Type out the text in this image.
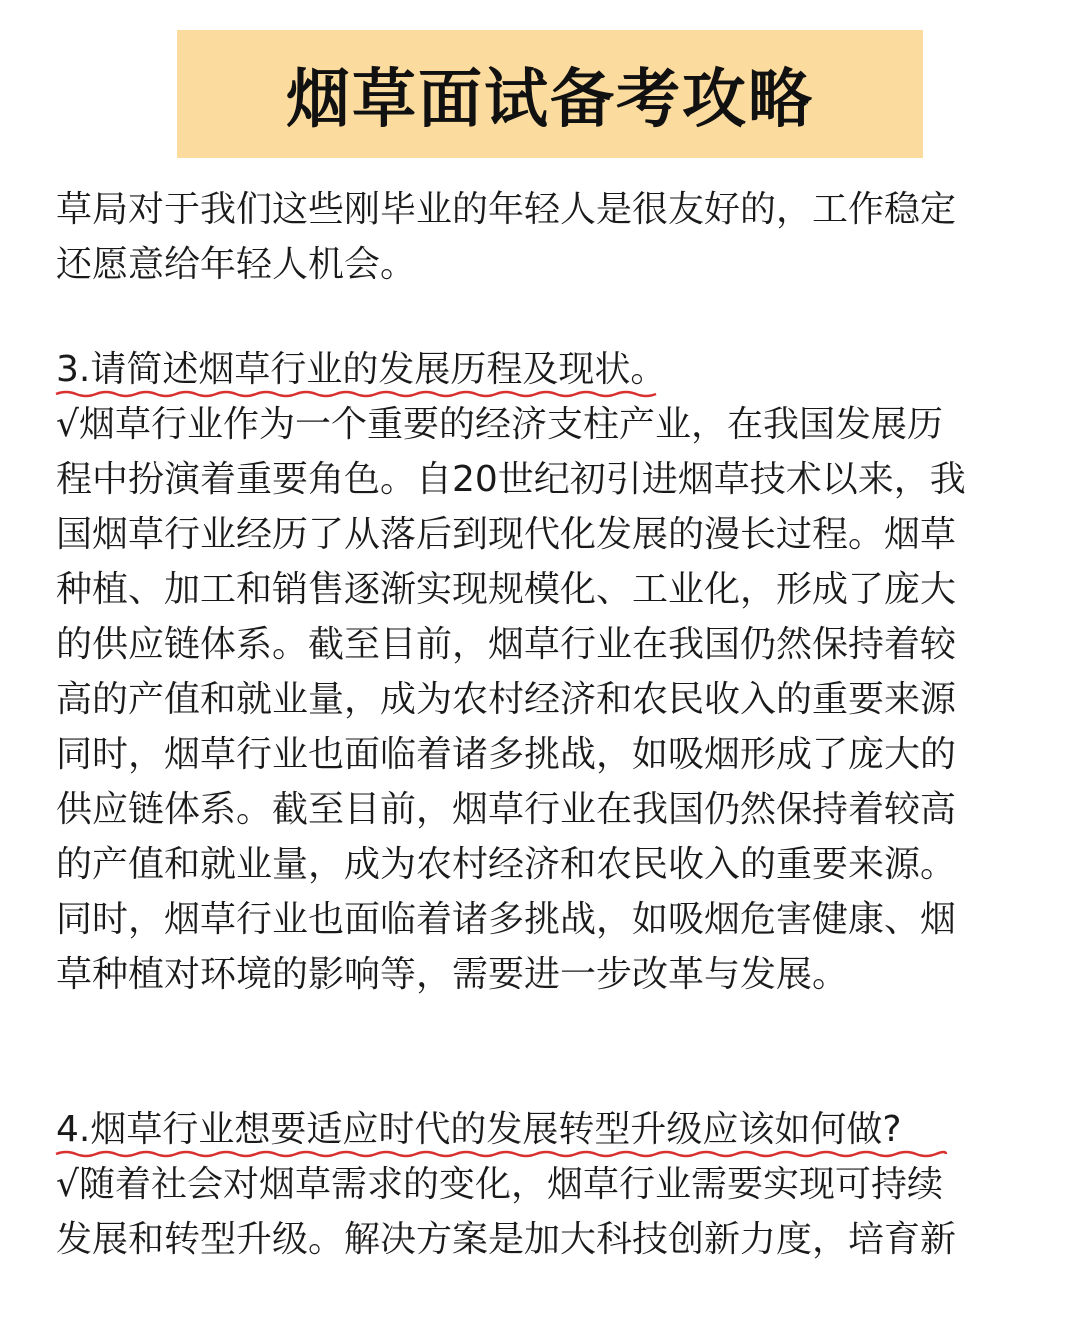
烟草面试备考攻略
草局对于我们这些刚毕业的年轻人是很友好的，工作稳定
还愿意给年轻人机会。
3.请简述烟草行业的发展历程及现状。
√烟草行业作为一个重要的经济支柱产业，在我国发展历
程中扮演着重要角色。自20世纪初引进烟草技术以来，我
国烟草行业经历了从落后到现代化发展的漫长过程。烟草
种植、加工和销售逐渐实现规模化、工业化，形成了庞大
的供应链体系。截至目前，烟草行业在我国仍然保持着较
高的产值和就业量，成为农村经济和农民收入的重要来源
同时，烟草行业也面临着诸多挑战，如吸烟形成了庞大的
供应链体系。截至目前，烟草行业在我国仍然保持着较高
的产值和就业量，成为农村经济和农民收入的重要来源。
同时，烟草行业也面临着诸多挑战，如吸烟危害健康、烟
草种植对环境的影响等，需要进一步改革与发展。
4.烟草行业想要适应时代的发展转型升级应该如何做?
√随着社会对烟草需求的变化，烟草行业需要实现可持续
发展和转型升级。解决方案是加大科技创新力度，培育新
